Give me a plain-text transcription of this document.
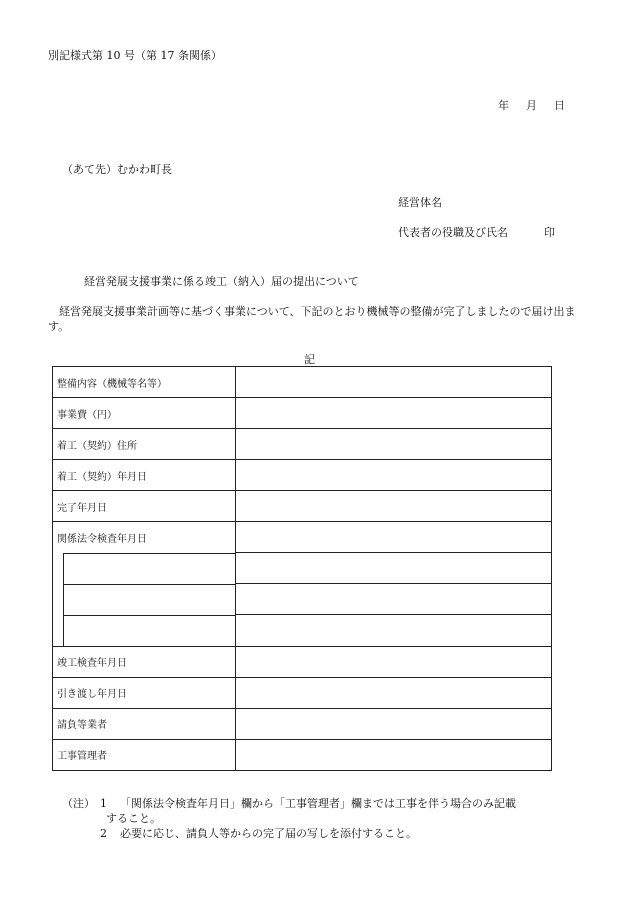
別記様式第 10 号（第 17 条関係）
年 月 日
（あて先）むかわ町長
経営体名
代表者の役職及び氏名	印
経営発展支援事業に係る竣工（納入）届の提出について
経営発展支援事業計画等に基づく事業について、下記のとおり機械等の整備が完了しましたので届け出ます。
記
整備内容（機械等名等）	
事業費（円）	
着工（契約）住所	
着工（契約）年月日	
完了年月日	
関係法令検査年月日	

竣工検査年月日	
引き渡し年月日	
請負等業者	
工事管理者	
（注） 1 「関係法令検査年月日」欄から「工事管理者」欄までは工事を伴う場合のみ記載
すること。
2 必要に応じ、請負人等からの完了届の写しを添付すること。
